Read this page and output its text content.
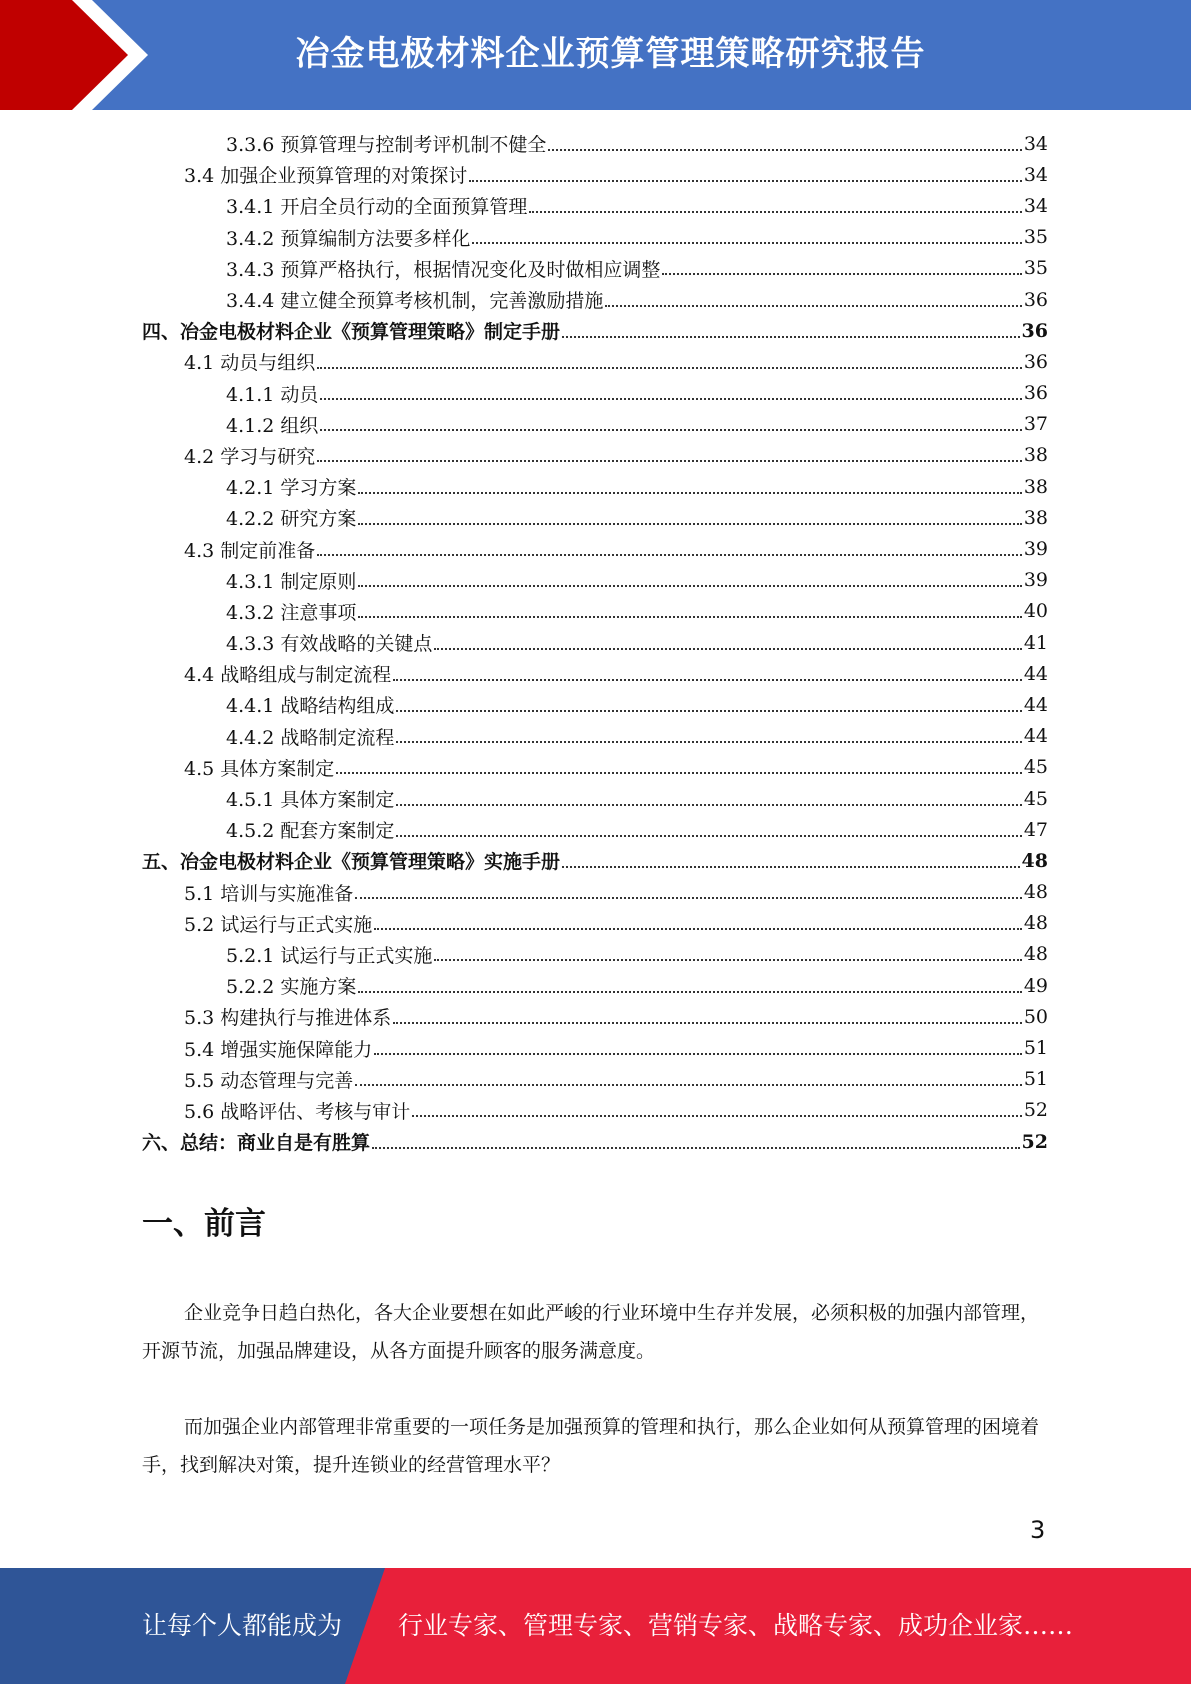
冶金电极材料企业预算管理策略研究报告
3.3.6 预算管理与控制考评机制不健全	34
3.4 加强企业预算管理的对策探讨	34
3.4.1 开启全员行动的全面预算管理	34
3.4.2 预算编制方法要多样化	35
3.4.3 预算严格执行，根据情况变化及时做相应调整	35
3.4.4 建立健全预算考核机制，完善激励措施	36
四、冶金电极材料企业《预算管理策略》制定手册	36
4.1 动员与组织	36
4.1.1 动员	36
4.1.2 组织	37
4.2 学习与研究	38
4.2.1 学习方案	38
4.2.2 研究方案	38
4.3 制定前准备	39
4.3.1 制定原则	39
4.3.2 注意事项	40
4.3.3 有效战略的关键点	41
4.4 战略组成与制定流程	44
4.4.1 战略结构组成	44
4.4.2 战略制定流程	44
4.5 具体方案制定	45
4.5.1 具体方案制定	45
4.5.2 配套方案制定	47
五、冶金电极材料企业《预算管理策略》实施手册	48
5.1 培训与实施准备	48
5.2 试运行与正式实施	48
5.2.1 试运行与正式实施	48
5.2.2 实施方案	49
5.3 构建执行与推进体系	50
5.4 增强实施保障能力	51
5.5 动态管理与完善	51
5.6 战略评估、考核与审计	52
六、总结：商业自是有胜算	52
一、前言
企业竞争日趋白热化，各大企业要想在如此严峻的行业环境中生存并发展，必须积极的加强内部管理，开源节流，加强品牌建设，从各方面提升顾客的服务满意度。
而加强企业内部管理非常重要的一项任务是加强预算的管理和执行，那么企业如何从预算管理的困境着手，找到解决对策，提升连锁业的经营管理水平？
3
让每个人都能成为 行业专家、管理专家、营销专家、战略专家、成功企业家……
